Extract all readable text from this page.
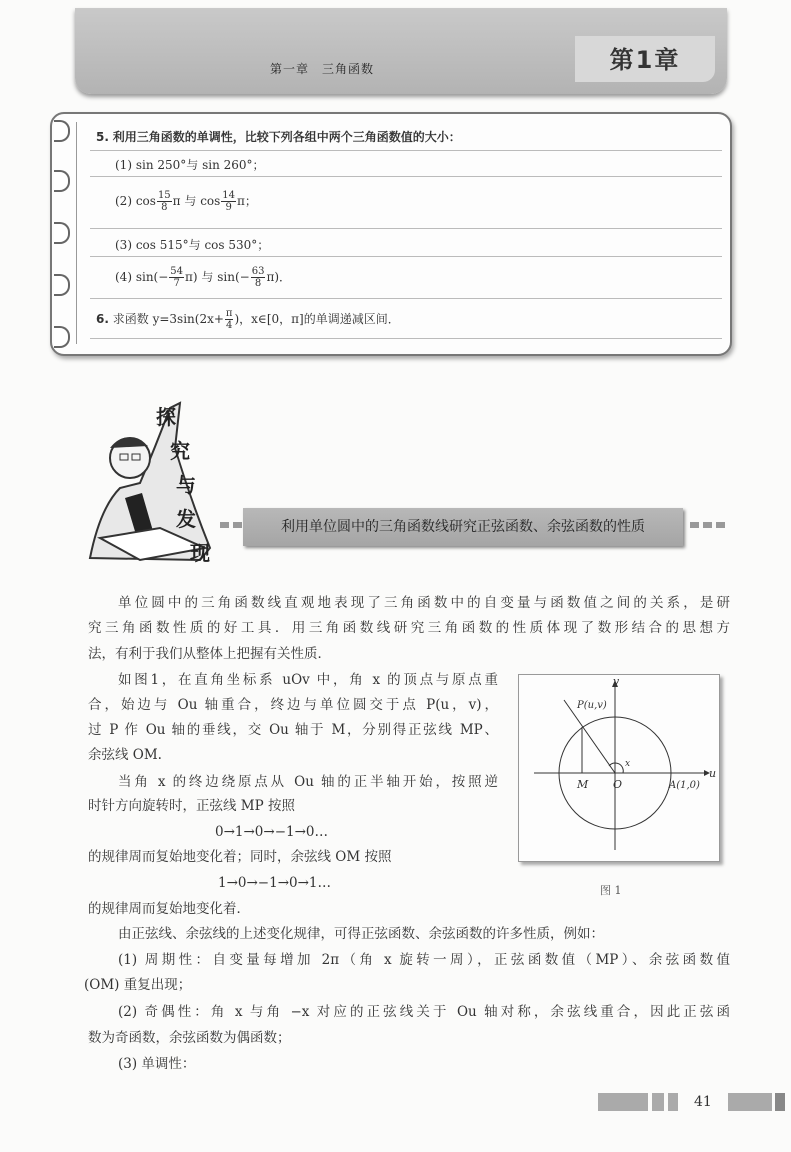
第一章　三角函数	第1章
5. 利用三角函数的单调性，比较下列各组中两个三角函数值的大小：
(1) sin 250°与 sin 260°；
(2) $\cos \frac{15}{8}$ π 与 $\cos \frac{14}{9}$ π；
(3) cos 515°与 cos 530°；
(4) $\sin(- \frac{54}{7} \pi)$ 与 $\sin(- \frac{63}{8} \pi)$．
6. 求函数 $y=3\sin(2x+ \frac{\pi}{4}$ )，x∈[0，π]的单调递减区间．
探
究
与
发
现
利用单位圆中的三角函数线研究正弦函数、余弦函数的性质
单位圆中的三角函数线直观地表现了三角函数中的自变量与函数值之间的关系，是研
究三角函数性质的好工具．用三角函数线研究三角函数的性质体现了数形结合的思想方
法，有利于我们从整体上把握有关性质．
如图1，在直角坐标系 uOv 中，角 x 的顶点与原点重
合，始边与 Ou 轴重合，终边与单位圆交于点 P(u，v)，
过 P 作 Ou 轴的垂线，交 Ou 轴于 M，分别得正弦线 MP、
余弦线 OM.
当角 x 的终边绕原点从 Ou 轴的正半轴开始，按照逆
时针方向旋转时，正弦线 MP 按照
0→1→0→−1→0…
的规律周而复始地变化着；同时，余弦线 OM 按照
1→0→−1→0→1…
的规律周而复始地变化着．
由正弦线、余弦线的上述变化规律，可得正弦函数、余弦函数的许多性质，例如：
(1) 周期性：自变量每增加 2π（角 x 旋转一周），正弦函数值（MP）、余弦函数值
(OM) 重复出现；
(2) 奇偶性：角 x 与角 −x 对应的正弦线关于 Ou 轴对称，余弦线重合，因此正弦函
数为奇函数，余弦函数为偶函数；
(3) 单调性：
v
u
P(u,v)
x
M O	A(1,0)
图 1
41
